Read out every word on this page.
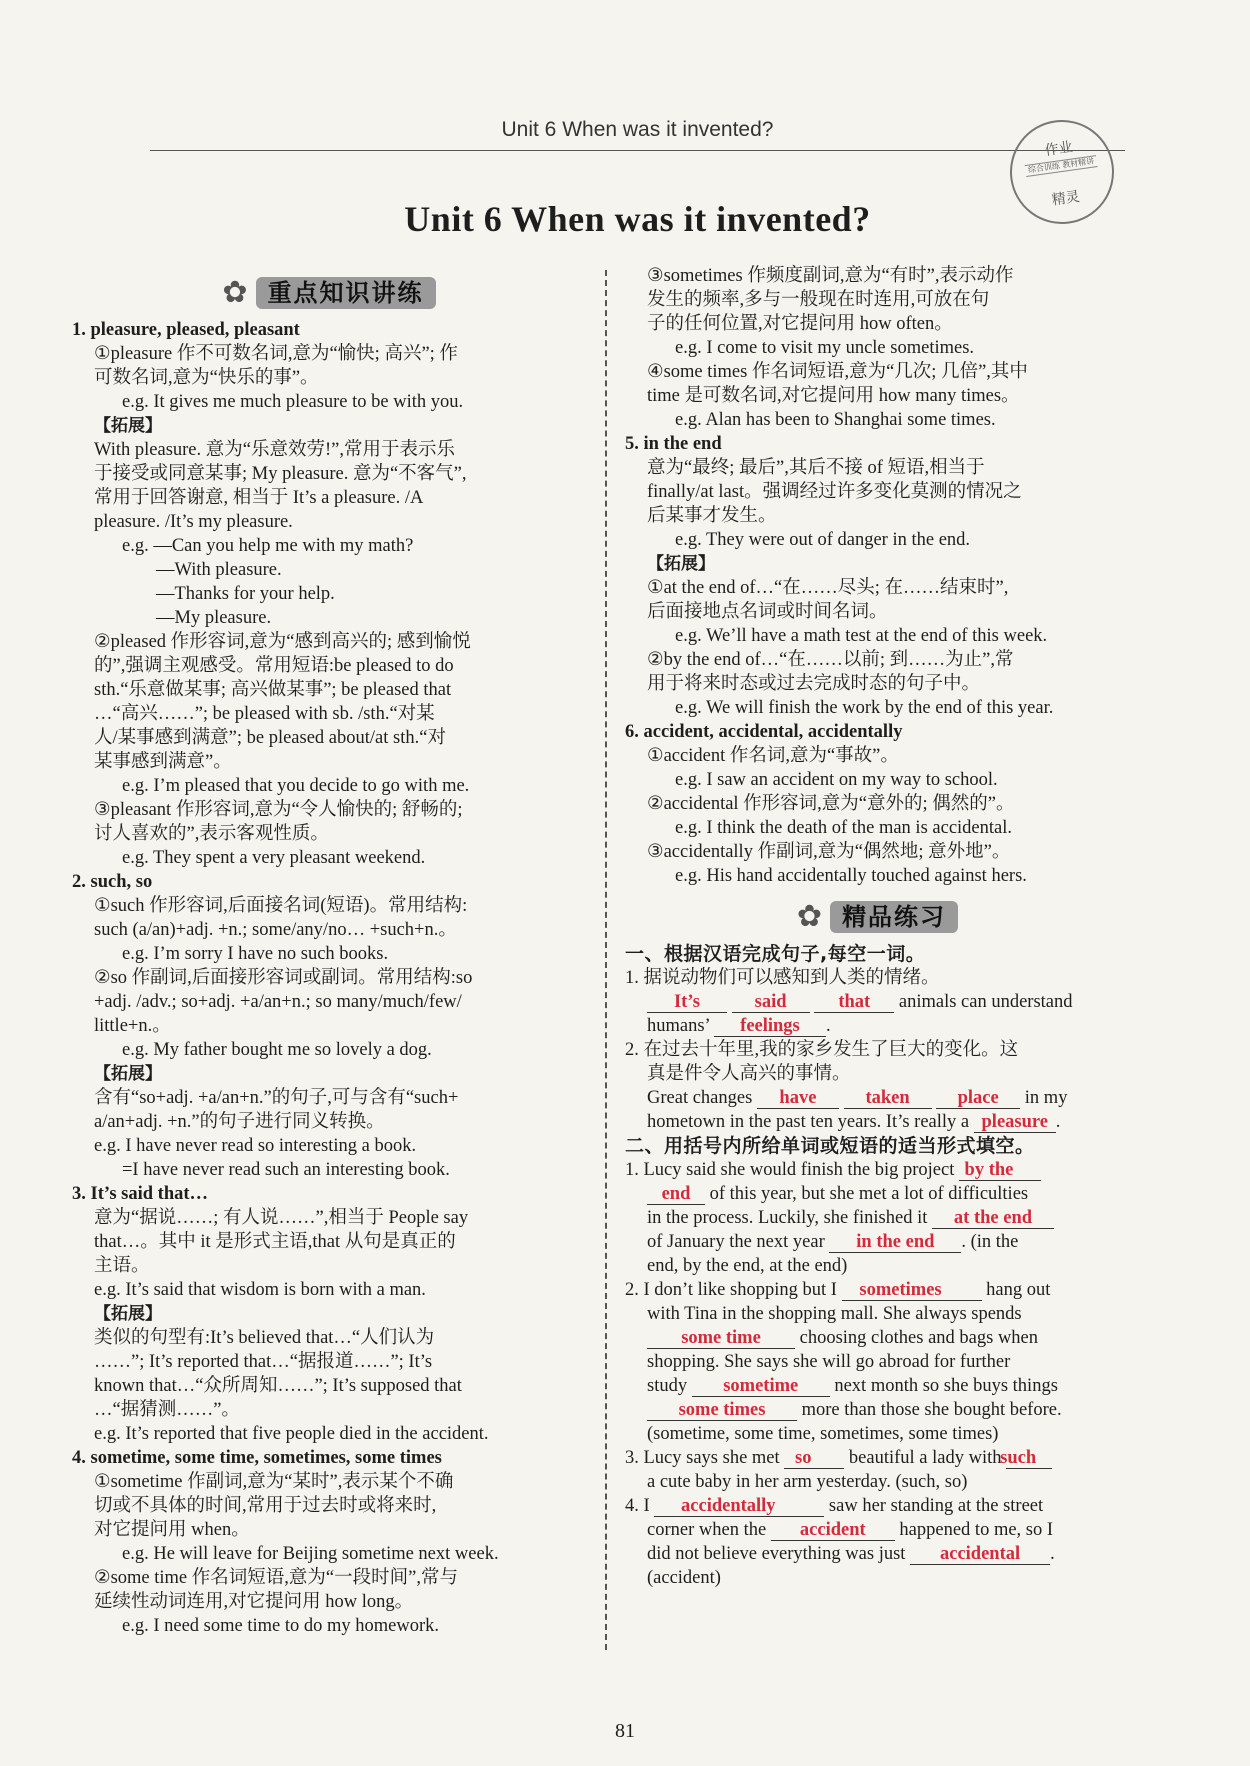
Unit 6 When was it invented?
作业
综合训练 教材精讲
精灵
Unit 6 When was it invented?
✿ 重点知识讲练

1. pleasure, pleased, pleasant

①pleasure 作不可数名词,意为“愉快; 高兴”; 作

可数名词,意为“快乐的事”。

e.g. It gives me much pleasure to be with you.

【拓展】

With pleasure. 意为“乐意效劳!”,常用于表示乐

于接受或同意某事; My pleasure. 意为“不客气”,

常用于回答谢意, 相当于 It’s a pleasure. /A

pleasure. /It’s my pleasure.

e.g. —Can you help me with my math?

—With pleasure.

—Thanks for your help.

—My pleasure.

②pleased 作形容词,意为“感到高兴的; 感到愉悦

的”,强调主观感受。常用短语:be pleased to do

sth.“乐意做某事; 高兴做某事”; be pleased that

…“高兴……”; be pleased with sb. /sth.“对某

人/某事感到满意”; be pleased about/at sth.“对

某事感到满意”。

e.g. I’m pleased that you decide to go with me.

③pleasant 作形容词,意为“令人愉快的; 舒畅的;

讨人喜欢的”,表示客观性质。

e.g. They spent a very pleasant weekend.

2. such, so

①such 作形容词,后面接名词(短语)。常用结构:

such (a/an)+adj. +n.; some/any/no… +such+n.。

e.g. I’m sorry I have no such books.

②so 作副词,后面接形容词或副词。常用结构:so

+adj. /adv.; so+adj. +a/an+n.; so many/much/few/

little+n.。

e.g. My father bought me so lovely a dog.

【拓展】

含有“so+adj. +a/an+n.”的句子,可与含有“such+

a/an+adj. +n.”的句子进行同义转换。

e.g. I have never read so interesting a book.

=I have never read such an interesting book.

3. It’s said that…

意为“据说……; 有人说……”,相当于 People say

that…。其中 it 是形式主语,that 从句是真正的

主语。

e.g. It’s said that wisdom is born with a man.

【拓展】

类似的句型有:It’s believed that…“人们认为

……”; It’s reported that…“据报道……”; It’s

known that…“众所周知……”; It’s supposed that

…“据猜测……”。

e.g. It’s reported that five people died in the accident.

4. sometime, some time, sometimes, some times

①sometime 作副词,意为“某时”,表示某个不确

切或不具体的时间,常用于过去时或将来时,

对它提问用 when。

e.g. He will leave for Beijing sometime next week.

②some time 作名词短语,意为“一段时间”,常与

延续性动词连用,对它提问用 how long。

e.g. I need some time to do my homework.

③sometimes 作频度副词,意为“有时”,表示动作

发生的频率,多与一般现在时连用,可放在句

子的任何位置,对它提问用 how often。

e.g. I come to visit my uncle sometimes.

④some times 作名词短语,意为“几次; 几倍”,其中

time 是可数名词,对它提问用 how many times。

e.g. Alan has been to Shanghai some times.

5. in the end

意为“最终; 最后”,其后不接 of 短语,相当于

finally/at last。强调经过许多变化莫测的情况之

后某事才发生。

e.g. They were out of danger in the end.

【拓展】

①at the end of…“在……尽头; 在……结束时”,

后面接地点名词或时间名词。

e.g. We’ll have a math test at the end of this week.

②by the end of…“在……以前; 到……为止”,常

用于将来时态或过去完成时态的句子中。

e.g. We will finish the work by the end of this year.

6. accident, accidental, accidentally

①accident 作名词,意为“事故”。

e.g. I saw an accident on my way to school.

②accidental 作形容词,意为“意外的; 偶然的”。

e.g. I think the death of the man is accidental.

③accidentally 作副词,意为“偶然地; 意外地”。

e.g. His hand accidentally touched against hers.

✿ 精品练习

一、根据汉语完成句子,每空一词。

1. 据说动物们可以感知到人类的情绪。

It’s	said	that animals can understand

humans’ feelings .

2. 在过去十年里,我的家乡发生了巨大的变化。这

真是件令人高兴的事情。

Great changes have	taken	place in my

hometown in the past ten years. It’s really a pleasure .

二、用括号内所给单词或短语的适当形式填空。

1. Lucy said she would finish the big project by the

end of this year, but she met a lot of difficulties

in the process. Luckily, she finished it at the end

of January the next year in the end . (in the

end, by the end, at the end)

2. I don’t like shopping but I sometimes hang out

with Tina in the shopping mall. She always spends

some time choosing clothes and bags when

shopping. She says she will go abroad for further

study sometime next month so she buys things

some times more than those she bought before.

(sometime, some time, sometimes, some times)

3. Lucy says she met so beautiful a lady with such

a cute baby in her arm yesterday. (such, so)

4. I accidentally	saw her standing at the street

corner when the accident happened to me, so I

did not believe everything was just accidental .

(accident)

81
